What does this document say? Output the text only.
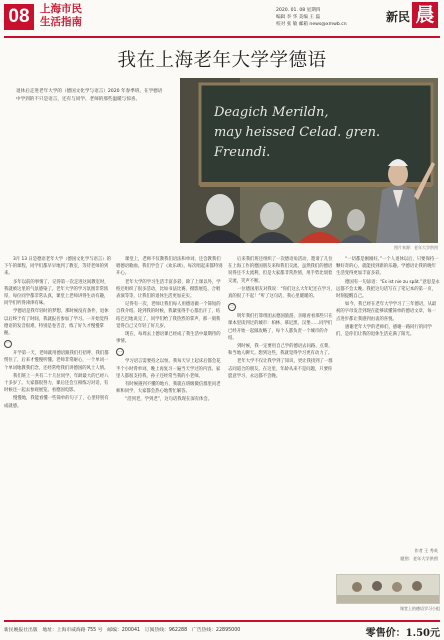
08 上海市民
生活指南
2020. 01. 08 星期四
编辑 李 华 美编 王 磊
校对 张 敏 邮箱 news@xmwb.cn
新民 晨
我在上海老年大学学德语
退休后走进老年大学的（德国文化学与语言）2020 年春季班，在学德语中学到的不只是语言，还有与同学、老师的那些温暖与惊喜。
Deagich Merildn,
may heissed Celad. gren.
Freundi.
图片来源：老年大学供图

3月 13 日是德语老年大学（德国文化学与语言）的下午的课程，同学们都早早地到了教室，等待老师的到来。

多年以前的事情了，记得第一次走进这间教室时，我就被这里的气氛感染了。老年大学的学习氛围非常浓厚，每位同学都非常认真，课堂上老师讲得生动有趣，同学们听得津津有味。

学德语是我年轻时的梦想，那时候没有条件，退休以后终于有了时间，我就报名参加了学习。一开始觉得德语的发音很难，特别是卷舌音，练了好久才慢慢掌握。

一

开学第一天，老师就用德语跟我们打招呼，我们都愣住了，后来才慢慢听懂。老师非常耐心，一个单词一个单词地教我们念，还经常给我们讲德国的风土人情。

我们班上一共有二十几位同学，年龄最大的已经八十多岁了。大家都很努力，课后还会互相练习对话，有时候还一起去参观展览、看德国电影。

慢慢地，我能看懂一些简单的句子了，心里特别有成就感。

课堂上，老师不仅教我们语法和单词，还会教我们唱德语歌曲。我们学会了《欢乐颂》，每次唱起来都特别开心。

老年大学的学习生活丰富多彩，除了上课以外，学校还组织了很多活动，比如书法比赛、摄影展览、合唱表演等等，让我们的退休生活更加充实。

记得有一次，老师让我们每人用德语做一个简短的自我介绍。轮到我的时候，我紧张得手心都出汗了，结结巴巴地说完了，同学们给了我热烈的掌声，那一刻我觉得自己又年轻了好几岁。

现在，每周去上德语课已经成了我生活中最期待的事情。

二

学习语言需要持之以恒。我每天早上起床后都会花半个小时背单词，晚上再复习一遍当天学过的内容。家里人都很支持我，孙子还经常当我的小老师。

有时候遇到不懂的地方，我就在班级微信群里问老师和同学，大家都会热心地帮忙解答。

“活到老，学到老”，这句话我现在深有体会。

后来我们班还组织了一次德语角活动，邀请了几位在上海工作的德国朋友来和我们交流。虽然我们的德语说得还不太流利，但是大家都非常热情，用手势比划着交流，笑声不断。

一位德国朋友对我说：“你们这么大年纪还在学习，真的很了不起！”听了这句话，我心里暖暖的。

三

明年我们打算组团去德国旅游，亲眼看看那些只在课本里读到过的城市：柏林、慕尼黑、汉堡……同学们已经开始一起做攻略了，每个人都负责一个城市的介绍。

到时候，我一定要用自己学的德语去问路、点菜、和当地人聊天。想到这些，我就觉得学习更有动力了。

老年大学不仅让我学到了知识，更让我找到了一群志同道合的朋友。在这里，年龄从来不是问题，只要你愿意学习，永远都不会晚。

“一切都是刚刚好。”一个人退休以后，只要保持一颗好奇的心，就能找到新的乐趣。学德语让我的晚年生活变得更加丰富多彩。

德国有一句谚语：“Es ist nie zu spät.”意思是永远都不会太晚。我把这句话写在了笔记本的第一页，时刻提醒自己。

如今，我已经在老年大学学习了三年德语，从最初的字母发音到现在能够读懂简单的德语文章，每一点进步都让我感到由衷的喜悦。

感谢老年大学的老师们，感谢一路同行的同学们，是你们让我的退休生活充满了阳光。

作者 王 秀英
题图：老年大学供图
课堂上的德语学习小组
新民晚报社出版　地址：上海市威海路 755 号　邮编：200041　订阅热线：962288　广告热线：22895000	零售价：1.50元
